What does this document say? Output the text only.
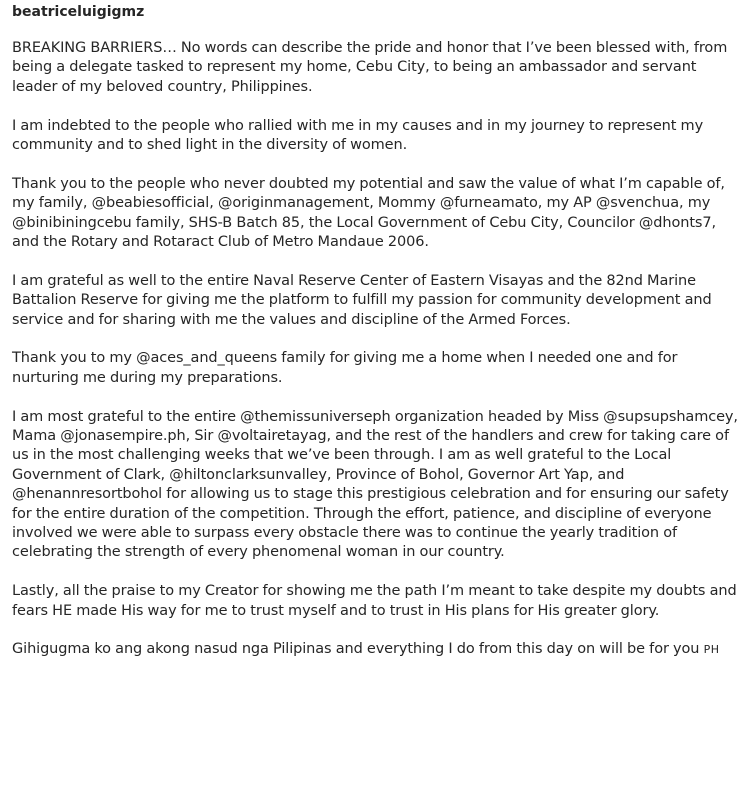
beatriceluigigmz

BREAKING BARRIERS… No words can describe the pride and honor that I’ve been blessed with, from being a delegate tasked to represent my home, Cebu City, to being an ambassador and servant leader of my beloved country, Philippines.

I am indebted to the people who rallied with me in my causes and in my journey to represent my community and to shed light in the diversity of women.

Thank you to the people who never doubted my potential and saw the value of what I’m capable of, my family, @beabiesofficial, @originmanagement, Mommy @furneamato, my AP @svenchua, my @binibiningcebu family, SHS-B Batch 85, the Local Government of Cebu City, Councilor @dhonts7, and the Rotary and Rotaract Club of Metro Mandaue 2006.

I am grateful as well to the entire Naval Reserve Center of Eastern Visayas and the 82nd Marine Battalion Reserve for giving me the platform to fulfill my passion for community development and service and for sharing with me the values and discipline of the Armed Forces.

Thank you to my @aces_and_queens family for giving me a home when I needed one and for nurturing me during my preparations.

I am most grateful to the entire @themissuniverseph organization headed by Miss @supsupshamcey, Mama @jonasempire.ph, Sir @voltairetayag, and the rest of the handlers and crew for taking care of us in the most challenging weeks that we’ve been through. I am as well grateful to the Local Government of Clark, @hiltonclarksunvalley, Province of Bohol, Governor Art Yap, and @henannresortbohol for allowing us to stage this prestigious celebration and for ensuring our safety for the entire duration of the competition. Through the effort, patience, and discipline of everyone involved we were able to surpass every obstacle there was to continue the yearly tradition of celebrating the strength of every phenomenal woman in our country.

Lastly, all the praise to my Creator for showing me the path I’m meant to take despite my doubts and fears HE made His way for me to trust myself and to trust in His plans for His greater glory.

Gihigugma ko ang akong nasud nga Pilipinas and everything I do from this day on will be for you PH
